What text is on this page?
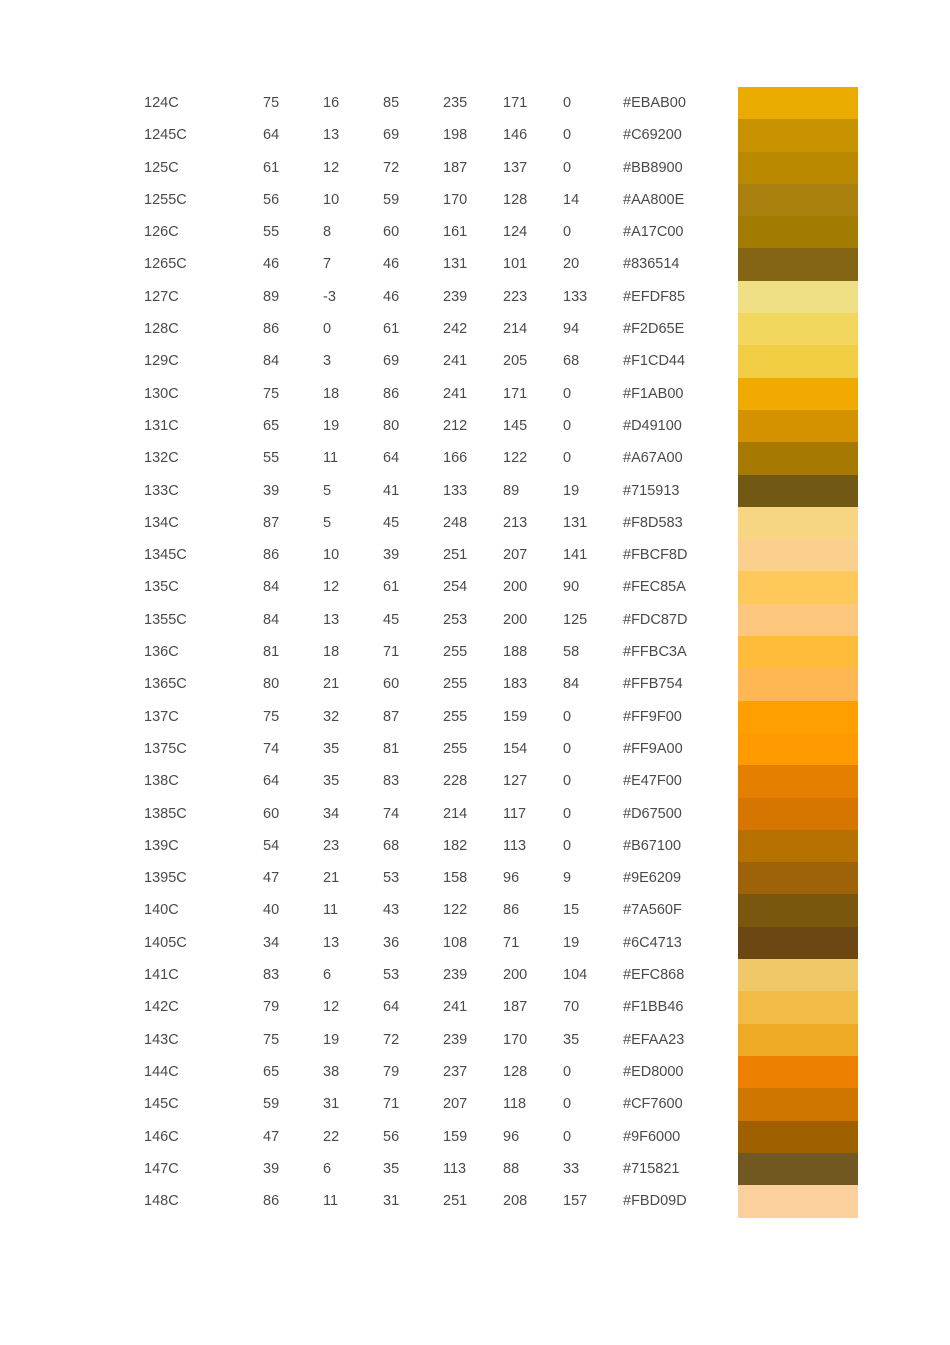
124C	75	16	85	235 171 0	#EBAB00
1245C	64	13	69	198 146 0	#C69200
125C	61	12	72	187 137 0	#BB8900
1255C	56	10	59	170 128 14	#AA800E
126C	55	8	60	161 124 0	#A17C00
1265C	46	7	46	131 101 20	#836514
127C	89	-3	46	239 223 133 #EFDF85
128C	86	0	61	242 214 94	#F2D65E
129C	84	3	69	241 205 68	#F1CD44
130C	75	18	86	241 171 0	#F1AB00
131C	65	19	80	212 145 0	#D49100
132C	55	11	64	166 122 0	#A67A00
133C	39	5	41	133 89	19	#715913
134C	87	5	45	248 213 131 #F8D583
1345C	86	10	39	251 207 141 #FBCF8D
135C	84	12	61	254 200 90	#FEC85A
1355C	84	13	45	253 200 125 #FDC87D
136C	81	18	71	255 188 58	#FFBC3A
1365C	80	21	60	255 183 84	#FFB754
137C	75	32	87	255 159 0	#FF9F00
1375C	74	35	81	255 154 0	#FF9A00
138C	64	35	83	228 127 0	#E47F00
1385C	60	34	74	214 117	0	#D67500
139C	54	23	68	182 113	0	#B67100
1395C	47	21	53	158 96	9	#9E6209
140C	40	11	43	122 86	15	#7A560F
1405C	34	13	36	108 71	19	#6C4713
141C	83	6	53	239 200 104 #EFC868
142C	79	12	64	241 187 70	#F1BB46
143C	75	19	72	239 170 35	#EFAA23
144C	65	38	79	237 128 0	#ED8000
145C	59	31	71	207 118	0	#CF7600
146C	47	22	56	159 96	0	#9F6000
147C	39	6	35	113	88	33	#715821
148C	86	11	31	251 208 157 #FBD09D
